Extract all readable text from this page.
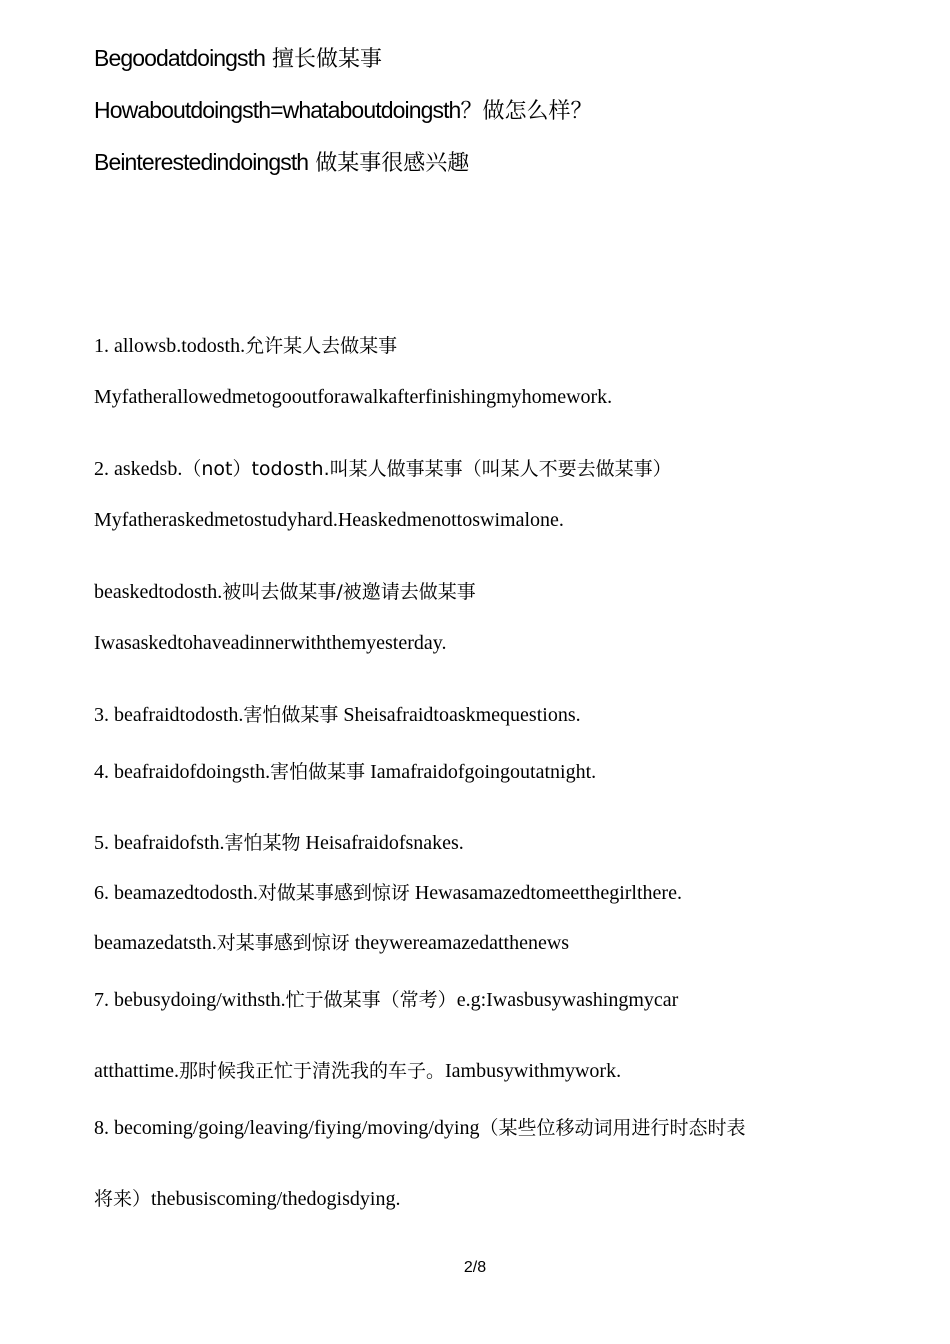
Begoodatdoingsth 擅长做某事
Howaboutdoingsth=whataboutdoingsth？做怎么样？
Beinterestedindoingsth 做某事很感兴趣
1. allowsb.todosth.允许某人去做某事
Myfatherallowedmetogooutforawalkafterfinishingmyhomework.
2. askedsb.（not）todosth.叫某人做事某事（叫某人不要去做某事）
Myfatheraskedmetostudyhard.Heaskedmenottoswimalone.
beaskedtodosth.被叫去做某事/被邀请去做某事
Iwasaskedtohaveadinnerwiththemyesterday.
3. beafraidtodosth.害怕做某事 Sheisafraidtoaskmequestions.
4. beafraidofdoingsth.害怕做某事 Iamafraidofgoingoutatnight.
5. beafraidofsth.害怕某物 Heisafraidofsnakes.
6. beamazedtodosth.对做某事感到惊讶 Hewasamazedtomeetthegirlthere.
beamazedatsth.对某事感到惊讶 theywereamazedatthenews
7. bebusydoing/withsth.忙于做某事（常考）e.g:Iwasbusywashingmycar
atthattime.那时候我正忙于清洗我的车子。Iambusywithmywork.
8. becoming/going/leaving/fiying/moving/dying（某些位移动词用进行时态时表
将来）thebusiscoming/thedogisdying.
2/8
